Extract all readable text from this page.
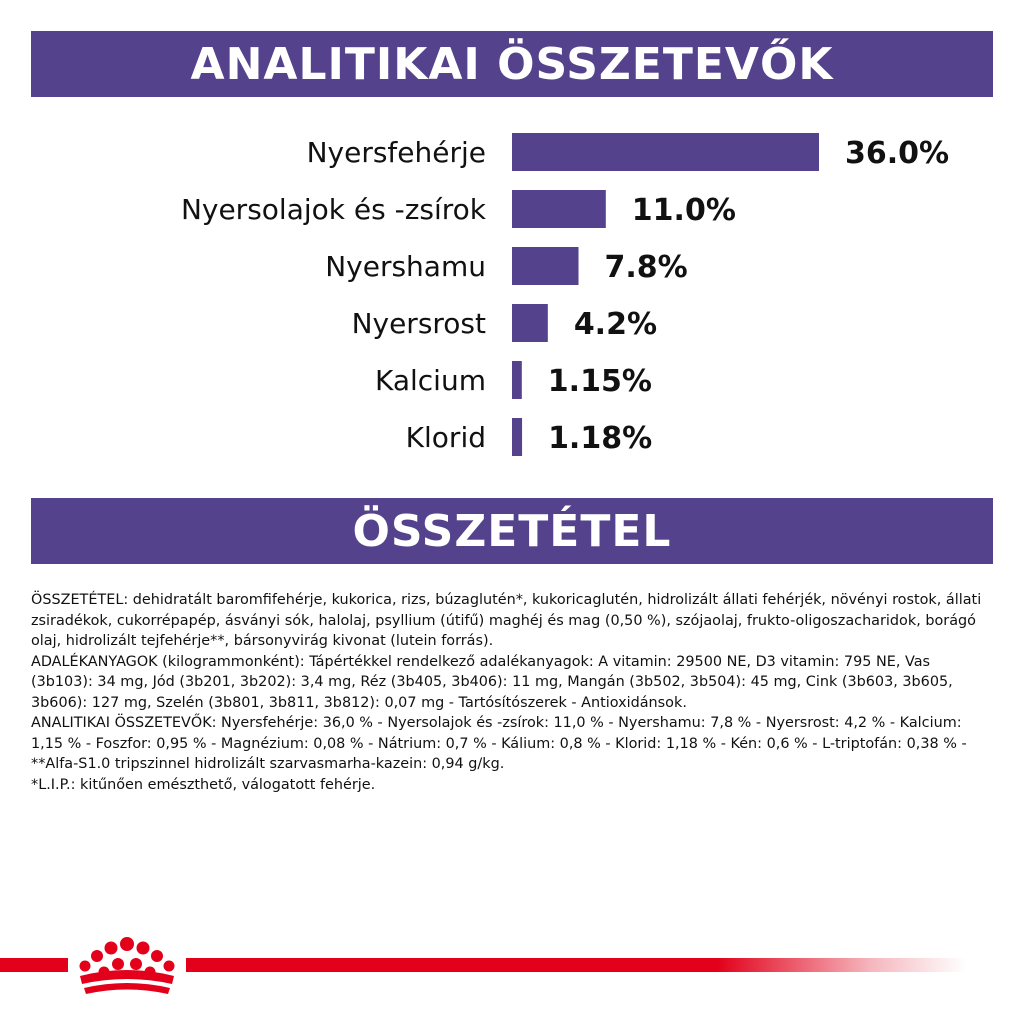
ANALITIKAI ÖSSZETEVŐK
Nyersfehérje	36.0%
Nyersolajok és -zsírok	11.0%
Nyershamu	7.8%
Nyersrost	4.2%
Kalcium 1.15%
Klorid 1.18%
ÖSSZETÉTEL

ÖSSZETÉTEL: dehidratált baromfifehérje, kukorica, rizs, búzaglutén*, kukoricaglutén, hidrolizált állati fehérjék, növényi rostok, állati zsiradékok, cukorrépapép, ásványi sók, halolaj, psyllium (útifű) maghéj és mag (0,50 %), szójaolaj, frukto-oligoszacharidok, borágó olaj, hidrolizált tejfehérje**, bársonyvirág kivonat (lutein forrás).

ADALÉKANYAGOK (kilogrammonként): Tápértékkel rendelkező adalékanyagok: A vitamin: 29500 NE, D3 vitamin: 795 NE, Vas (3b103): 34 mg, Jód (3b201, 3b202): 3,4 mg, Réz (3b405, 3b406): 11 mg, Mangán (3b502, 3b504): 45 mg, Cink (3b603, 3b605, 3b606): 127 mg, Szelén (3b801, 3b811, 3b812): 0,07 mg - Tartósítószerek - Antioxidánsok.

ANALITIKAI ÖSSZETEVŐK: Nyersfehérje: 36,0 % - Nyersolajok és -zsírok: 11,0 % - Nyershamu: 7,8 % - Nyersrost: 4,2 % - Kalcium: 1,15 % - Foszfor: 0,95 % - Magnézium: 0,08 % - Nátrium: 0,7 % - Kálium: 0,8 % - Klorid: 1,18 % - Kén: 0,6 % - L-triptofán: 0,38 % - **Alfa-S1.0 tripszinnel hidrolizált szarvasmarha-kazein: 0,94 g/kg.

*L.I.P.: kitűnően emészthető, válogatott fehérje.
